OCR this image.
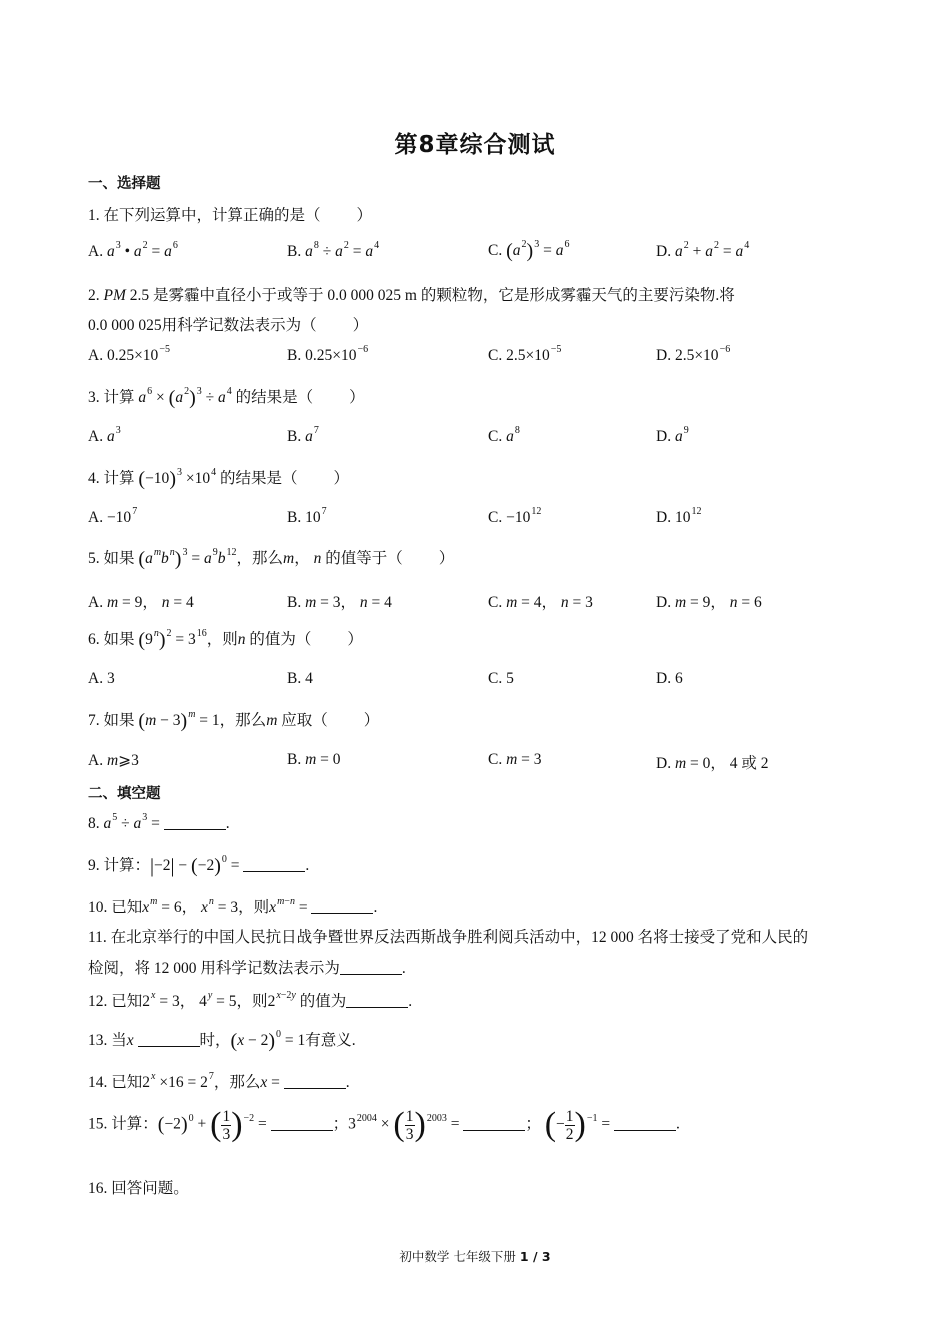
第8章综合测试
一、选择题
1. 在下列运算中，计算正确的是（ ）
A. $a^3$ • $a^2 = a^6$	B. $a^8 \div a^2 = a^4$	C. $(a^2)^3 = a^6$	D. $a^2 + a^2 = a^4$
2. PM 2.5 是雾霾中直径小于或等于 0.0 000 025 m 的颗粒物，它是形成雾霾天气的主要污染物.将
0.0 000 025用科学记数法表示为（ ）
A. $0.25\times 10^{-5}$	B. $0.25\times 10^{-6}$	C. $2.5\times 10^{-5}$	D. $2.5\times 10^{-6}$
3. 计算 $a^6 \times (a^2)^3 \div a^4$ 的结果是（ ）
A. $a^3$	B. $a^7$	C. $a^8$	D. $a^9$
4. 计算 $(-10)^3 \times 10^4$ 的结果是（ ）
A. $-10^7$	B. $10^7$	C. $-10^{12}$	D. $10^{12}$
5. 如果 $(a^mb^n)^3 = a^9b^{12}$，那么m， n 的值等于（ ）
A. m = 9， n = 4	B. m = 3， n = 4	C. m = 4， n = 3	D. m = 9， n = 6
6. 如果 $(9^n)^2 = 3^{16}$，则n 的值为（ ）
A. 3	B. 4	C. 5	D. 6
7. 如果 $(m - 3)^m = 1$，那么m 应取（ ）
A. m⩾3	B. m = 0	C. m = 3	D. m = 0， 4 或 2
二、填空题
8. $a^5 \div a^3$ =	.
9. 计算：$|-2| - (-2)^0$ =	.
10. 已知$x^m = 6$， $x^n = 3$，则$x^{m-n}$ =	.
11. 在北京举行的中国人民抗日战争暨世界反法西斯战争胜利阅兵活动中，12 000 名将士接受了党和人民的
检阅，将 12 000 用科学记数法表示为	.
12. 已知$2^x = 3$， $4^y = 5$，则$2^{x-2y}$ 的值为	.
13. 当x	时，$(x - 2)^0 = 1$有意义.
14. 已知$2^x \times 16 = 2^7$，那么x =	.
15. 计算：$(-2)^0$ + ( $\frac{1}{3} )^{-2}$ =	；$3^{2004}$ × ( $\frac{1}{3} )^{2003}$ =	； (− $\frac{1}{2} )^{-1}$ =	.
16. 回答问题。
初中数学 七年级下册 1 / 3
